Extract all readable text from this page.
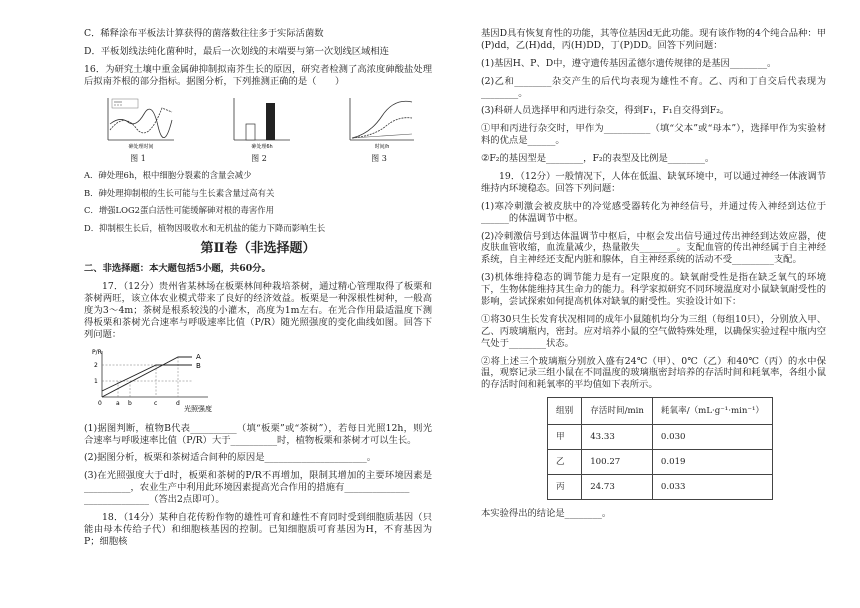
C．稀释涂布平板法计算获得的菌落数往往多于实际活菌数

D．平板划线法纯化菌种时，最后一次划线的末端要与第一次划线区域相连

16．为研究土壤中重金属砷抑制拟南芥生长的原因，研究者检测了高浓度砷酸盐处理后拟南芥根的部分指标。据图分析，下列推测正确的是（　　）

砷处理时间
图 1
砷处理6h
图 2
时间/h
图 3

A．砷处理6h，根中细胞分裂素的含量会减少

B．砷处理抑制根的生长可能与生长素含量过高有关

C．增强LOG2蛋白活性可能缓解砷对根的毒害作用

D．抑制根生长后，植物因吸收水和无机盐的能力下降而影响生长

第Ⅱ卷（非选择题）

二、非选择题：本大题包括5小题，共60分。

17．（12分）贵州省某林场在板栗林间种栽培茶树，通过精心管理取得了板栗和茶树两旺，该立体农业模式带来了良好的经济效益。板栗是一种深根性树种，一般高度为3～4m；茶树是根系较浅的小灌木，高度为1m左右。在光合作用最适温度下测得板栗和茶树光合速率与呼吸速率比值（P/R）随光照强度的变化曲线如图。回答下列问题：

P/R
2
1
A
B
0 a b	c	d
光照强度

(1)据图判断，植物B代表__________（填“板栗”或“茶树”），若每日光照12h，则光合速率与呼吸速率比值（P/R）大于__________时，植物板栗和茶树才可以生长。

(2)据图分析，板栗和茶树适合间种的原因是______________________。

(3)在光照强度大于d时，板栗和茶树的P/R不再增加，限制其增加的主要环境因素是__________，农业生产中利用此环境因素提高光合作用的措施有______________

______________（答出2点即可）。

18．（14分）某种自花传粉作物的雄性可育和雄性不育同时受到细胞质基因（只能由母本传给子代）和细胞核基因的控制。已知细胞质可育基因为H，不育基因为P；细胞核

基因D具有恢复育性的功能，其等位基因d无此功能。现有该作物的4个纯合品种：甲(P)dd，乙(H)dd，丙(H)DD，丁(P)DD。回答下列问题：

(1)基因H、P、D中，遵守遗传基因孟德尔遗传规律的是基因________。

(2)乙和________杂交产生的后代均表现为雄性不育。乙、丙和丁自交后代表现为________。

(3)科研人员选择甲和丙进行杂交，得到F₁，F₁自交得到F₂。

①甲和丙进行杂交时，甲作为__________（填“父本”或“母本”），选择甲作为实验材料的优点是______。

②F₂的基因型是________，F₂的表型及比例是________。

19．（12分）一般情况下，人体在低温、缺氧环境中，可以通过神经一体液调节维持内环境稳态。回答下列问题：

(1)寒冷刺激会被皮肤中的冷觉感受器转化为神经信号，并通过传入神经到达位于______的体温调节中枢。

(2)冷刺激信号到达体温调节中枢后，中枢会发出信号通过传出神经到达效应器，使皮肤血管收缩，血流量减少，热量散失________。支配血管的传出神经属于自主神经系统，自主神经还支配内脏和腺体，自主神经系统的活动不受_________支配。

(3)机体维持稳态的调节能力是有一定限度的。缺氧耐受性是指在缺乏氧气的环境下，生物体能维持其生命力的能力。科学家拟研究不同环境温度对小鼠缺氧耐受性的影响，尝试探索如何提高机体对缺氧的耐受性。实验设计如下：

①将30只生长发育状况相同的成年小鼠随机均分为三组（每组10只），分别放入甲、乙、丙玻璃瓶内，密封。应对培养小鼠的空气做特殊处理，以确保实验过程中瓶内空气处于________状态。

②将上述三个玻璃瓶分别放入盛有24℃（甲）、0℃（乙）和40℃（丙）的水中保温，观察记录三组小鼠在不同温度的玻璃瓶密封培养的存活时间和耗氧率，各组小鼠的存活时间和耗氧率的平均值如下表所示。

组别	存活时间/min	耗氧率/（mL·g⁻¹·min⁻¹）
甲	43.33	0.030
乙	100.27	0.019
丙	24.73	0.033

本实验得出的结论是________。
